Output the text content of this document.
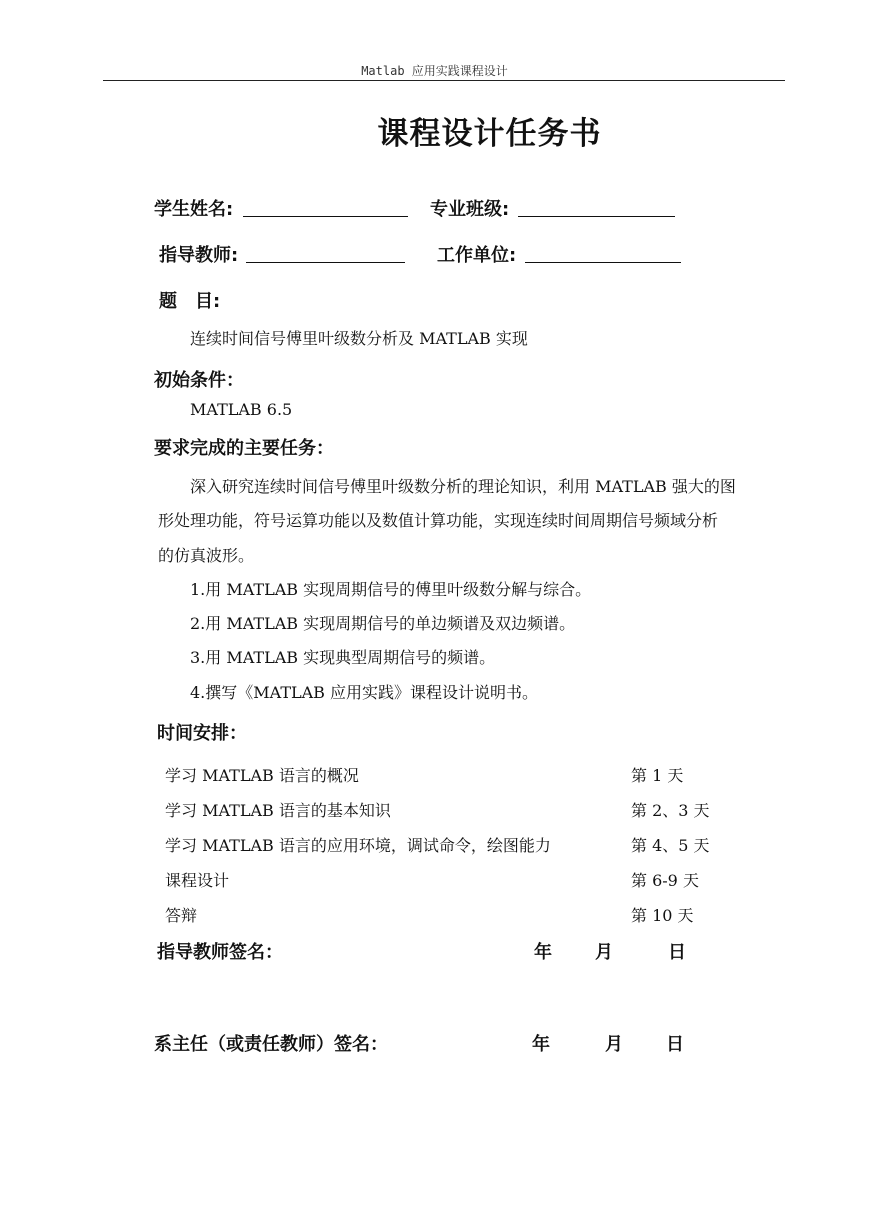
Matlab 应用实践课程设计
课程设计任务书
学生姓名:	专业班级:
指导教师:	工作单位:
题　目:
连续时间信号傅里叶级数分析及 MATLAB 实现
初始条件：
MATLAB 6.5
要求完成的主要任务：
深入研究连续时间信号傅里叶级数分析的理论知识，利用 MATLAB 强大的图
形处理功能，符号运算功能以及数值计算功能，实现连续时间周期信号频域分析
的仿真波形。
1.用 MATLAB 实现周期信号的傅里叶级数分解与综合。
2.用 MATLAB 实现周期信号的单边频谱及双边频谱。
3.用 MATLAB 实现典型周期信号的频谱。
4.撰写《MATLAB 应用实践》课程设计说明书。
时间安排：
学习 MATLAB 语言的概况	第 1 天
学习 MATLAB 语言的基本知识	第 2、3 天
学习 MATLAB 语言的应用环境，调试命令，绘图能力	第 4、5 天
课程设计	第 6-9 天
答辩	第 10 天
指导教师签名：	年 月	日
系主任（或责任教师）签名：	年	月 日
